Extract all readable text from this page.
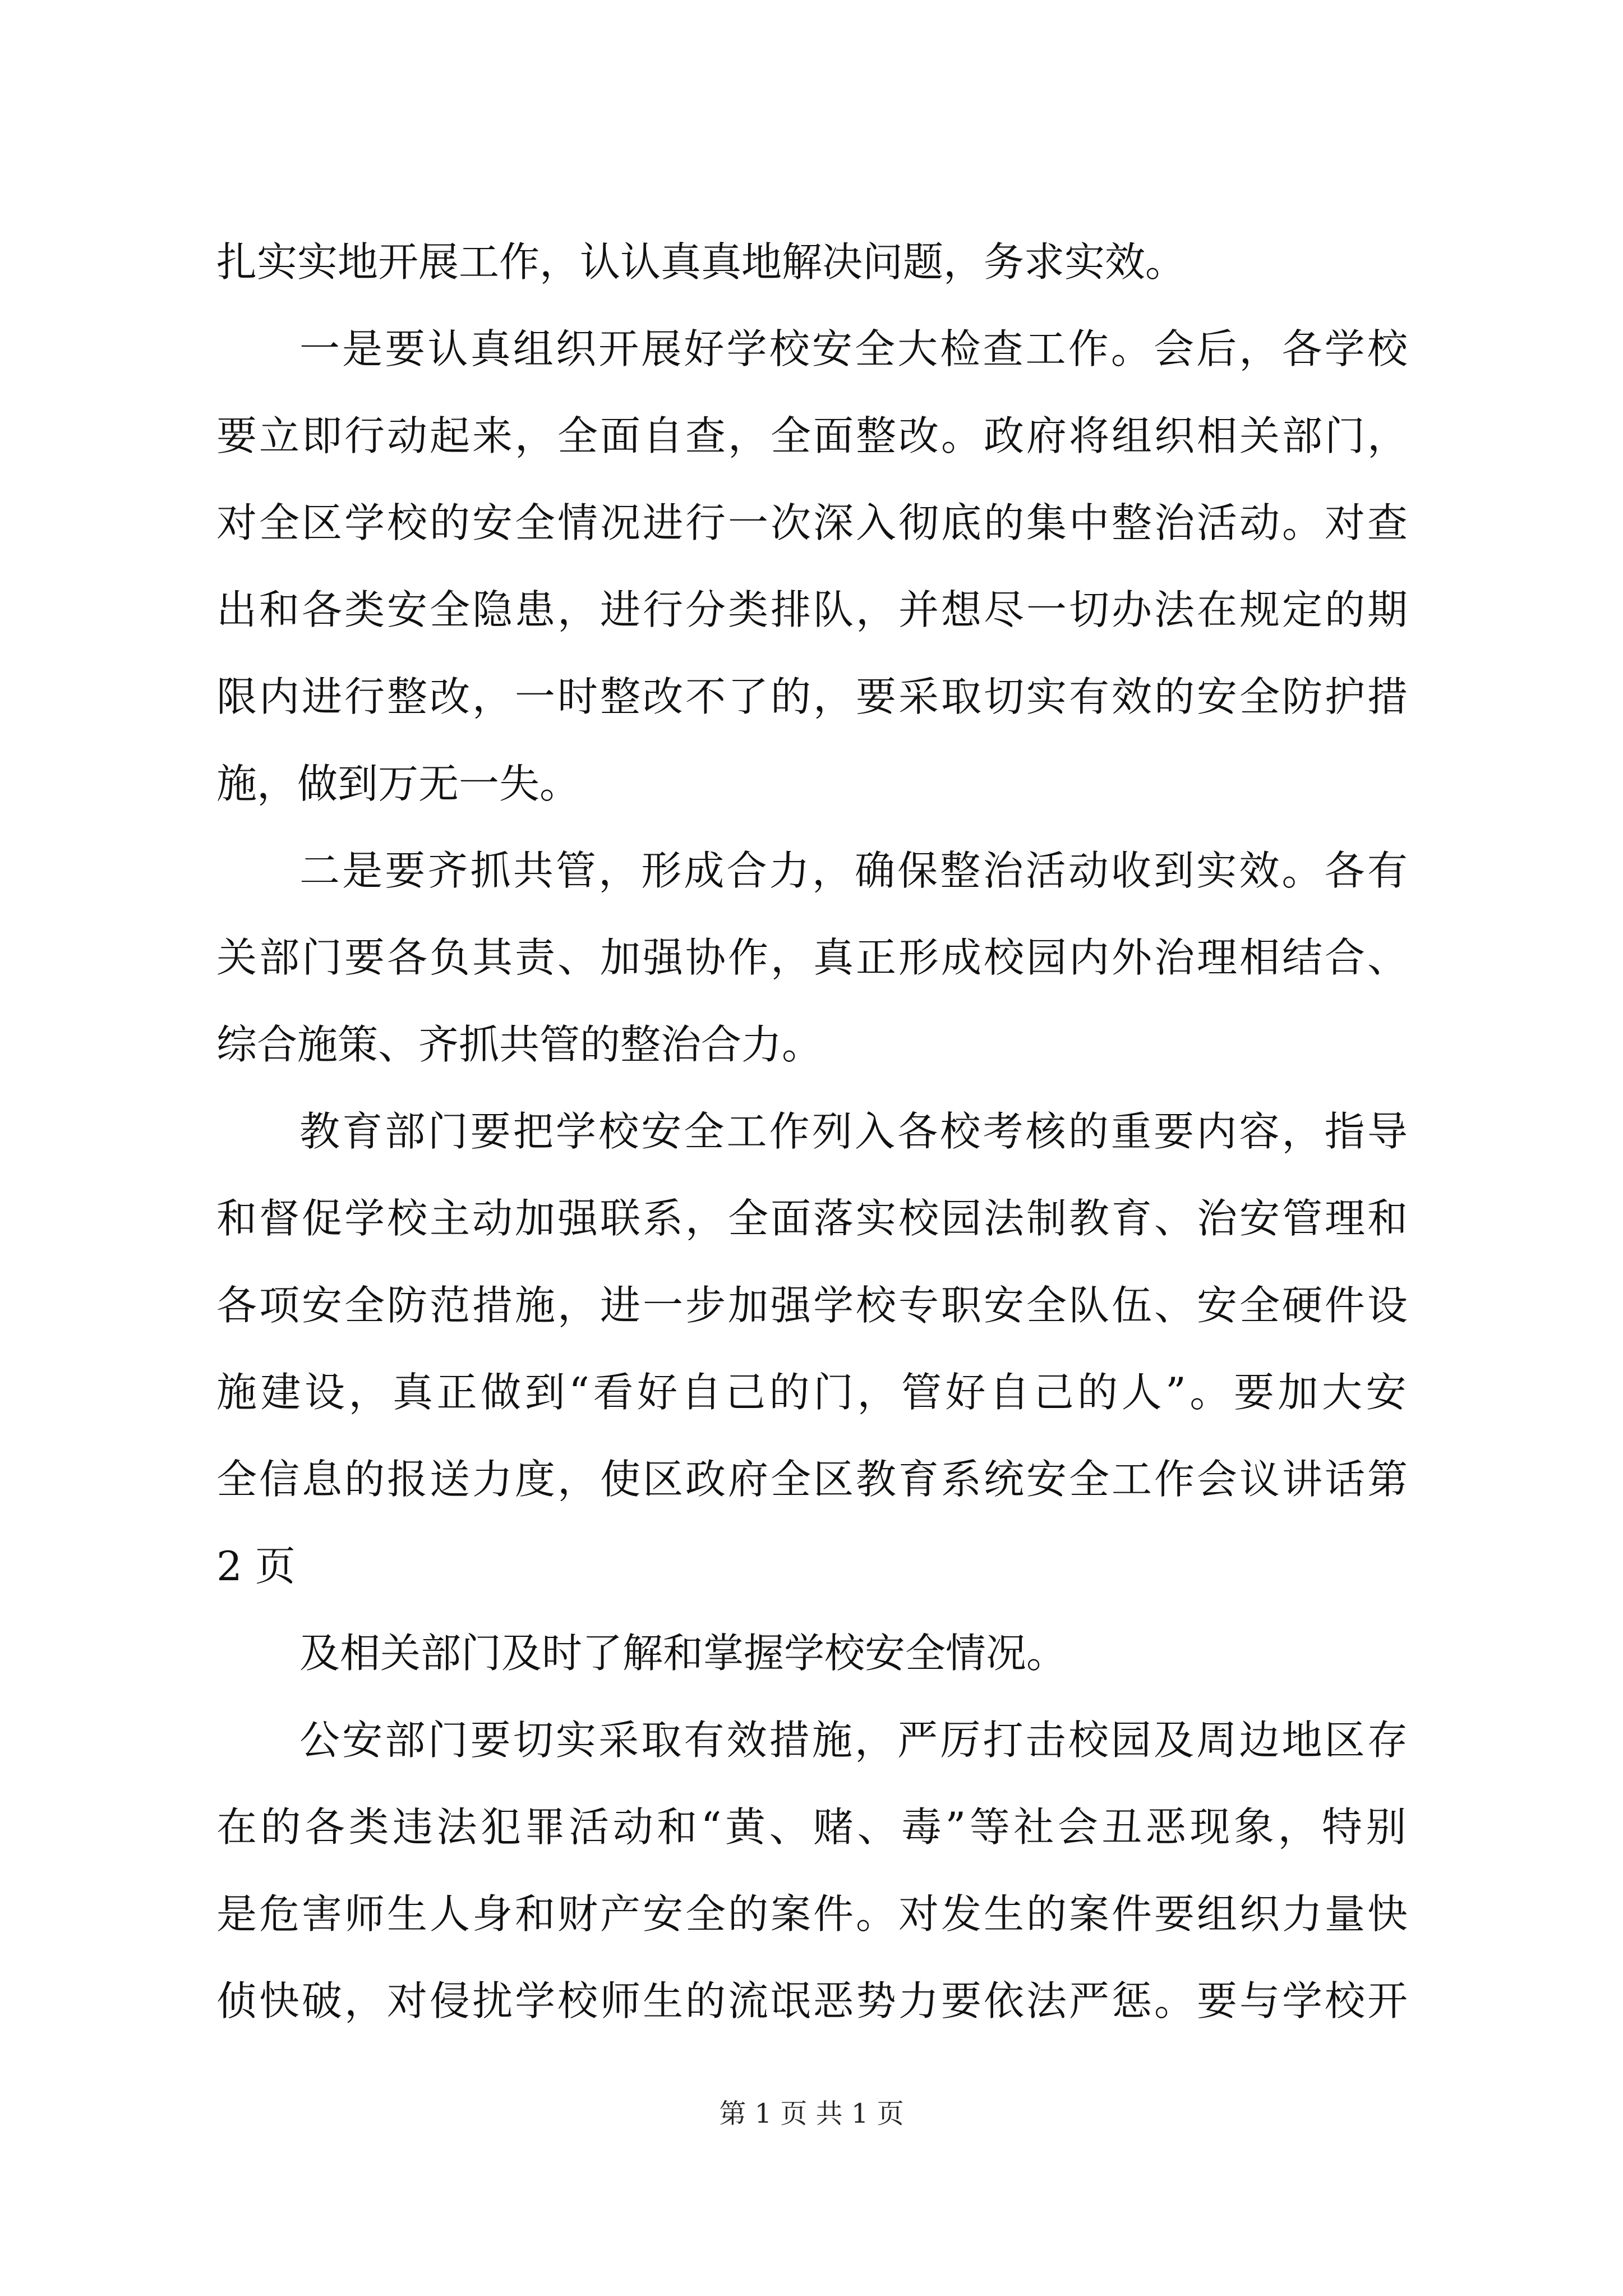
扎实实地开展工作，认认真真地解决问题，务求实效。
一是要认真组织开展好学校安全大检查工作。会后，各学校
要立即行动起来，全面自查，全面整改。政府将组织相关部门，
对全区学校的安全情况进行一次深入彻底的集中整治活动。对查
出和各类安全隐患，进行分类排队，并想尽一切办法在规定的期
限内进行整改，一时整改不了的，要采取切实有效的安全防护措
施，做到万无一失。
二是要齐抓共管，形成合力，确保整治活动收到实效。各有
关部门要各负其责、加强协作，真正形成校园内外治理相结合、
综合施策、齐抓共管的整治合力。
教育部门要把学校安全工作列入各校考核的重要内容，指导
和督促学校主动加强联系，全面落实校园法制教育、治安管理和
各项安全防范措施，进一步加强学校专职安全队伍、安全硬件设
施建设，真正做到“看好自己的门，管好自己的人”。要加大安
全信息的报送力度，使区政府全区教育系统安全工作会议讲话第
2 页
及相关部门及时了解和掌握学校安全情况。
公安部门要切实采取有效措施，严厉打击校园及周边地区存
在的各类违法犯罪活动和“黄、赌、毒”等社会丑恶现象，特别
是危害师生人身和财产安全的案件。对发生的案件要组织力量快
侦快破，对侵扰学校师生的流氓恶势力要依法严惩。要与学校开
第 1 页 共 1 页
